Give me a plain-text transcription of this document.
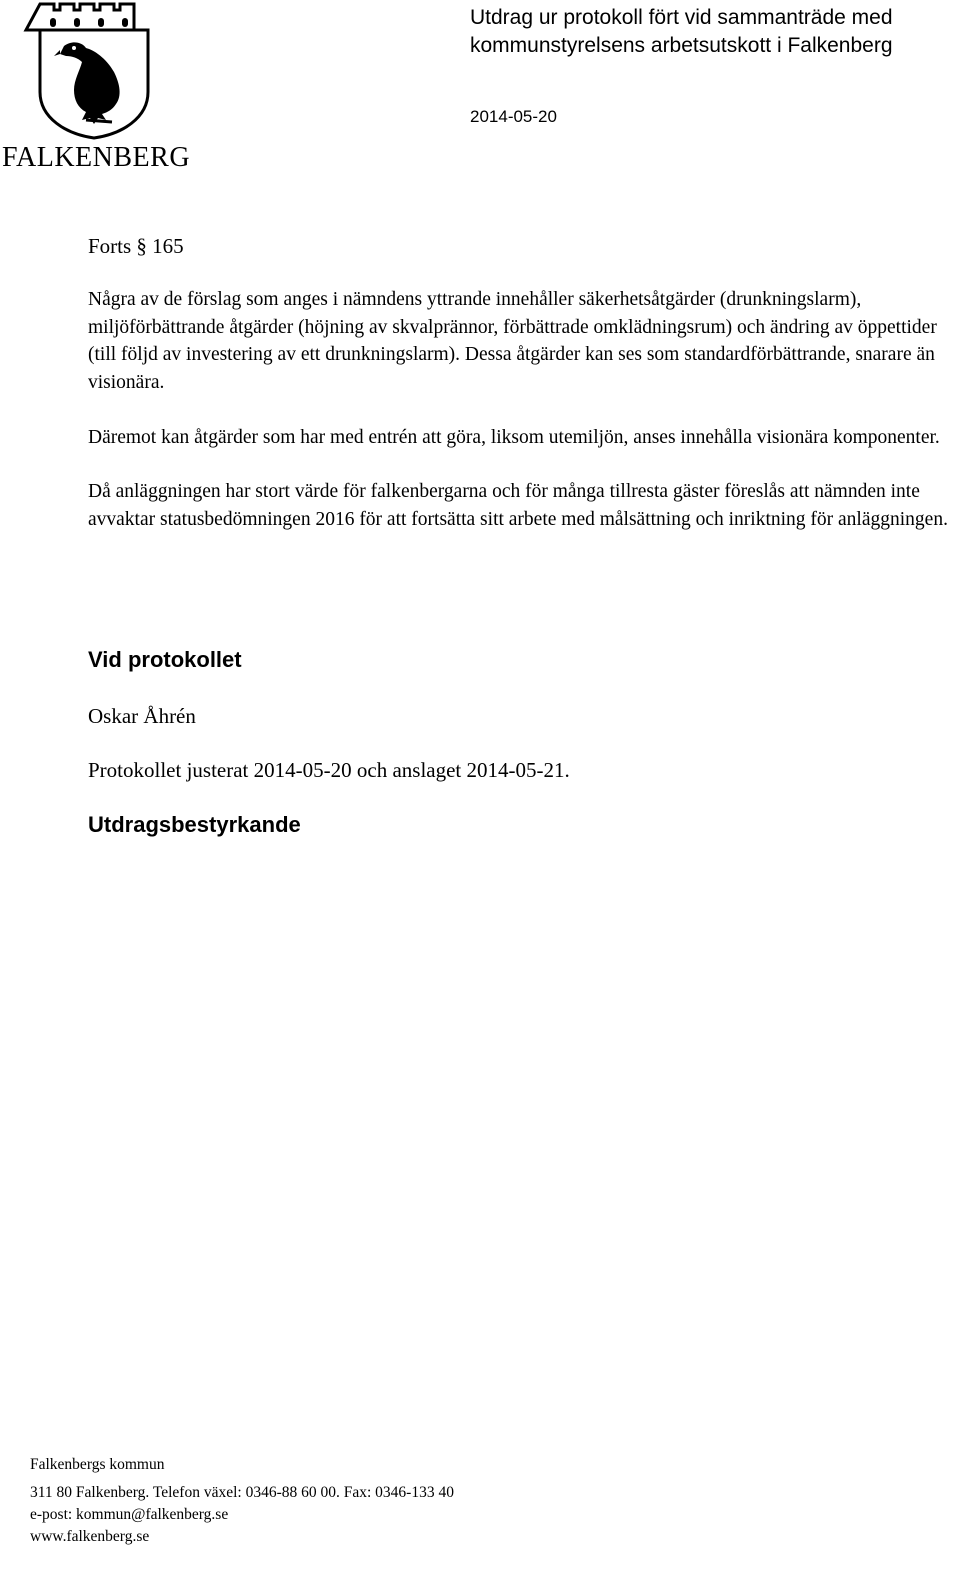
FALKENBERG
Utdrag ur protokoll fört vid sammanträde med
kommunstyrelsens arbetsutskott i Falkenberg
2014-05-20
Forts § 165

Några av de förslag som anges i nämndens yttrande innehåller säkerhetsåtgärder (drunkningslarm), miljöförbättrande åtgärder (höjning av skvalprännor, förbättrade omklädningsrum) och ändring av öppettider (till följd av investering av ett drunkningslarm). Dessa åtgärder kan ses som standardförbättrande, snarare än visionära.

Däremot kan åtgärder som har med entrén att göra, liksom utemiljön, anses innehålla visionära komponenter.

Då anläggningen har stort värde för falkenbergarna och för många tillresta gäster föreslås att nämnden inte avvaktar statusbedömningen 2016 för att fortsätta sitt arbete med målsättning och inriktning för anläggningen.

Vid protokollet
Oskar Åhrén
Protokollet justerat 2014-05-20 och anslaget 2014-05-21.
Utdragsbestyrkande
Falkenbergs kommun
311 80 Falkenberg. Telefon växel: 0346-88 60 00. Fax: 0346-133 40
e-post: kommun@falkenberg.se
www.falkenberg.se
